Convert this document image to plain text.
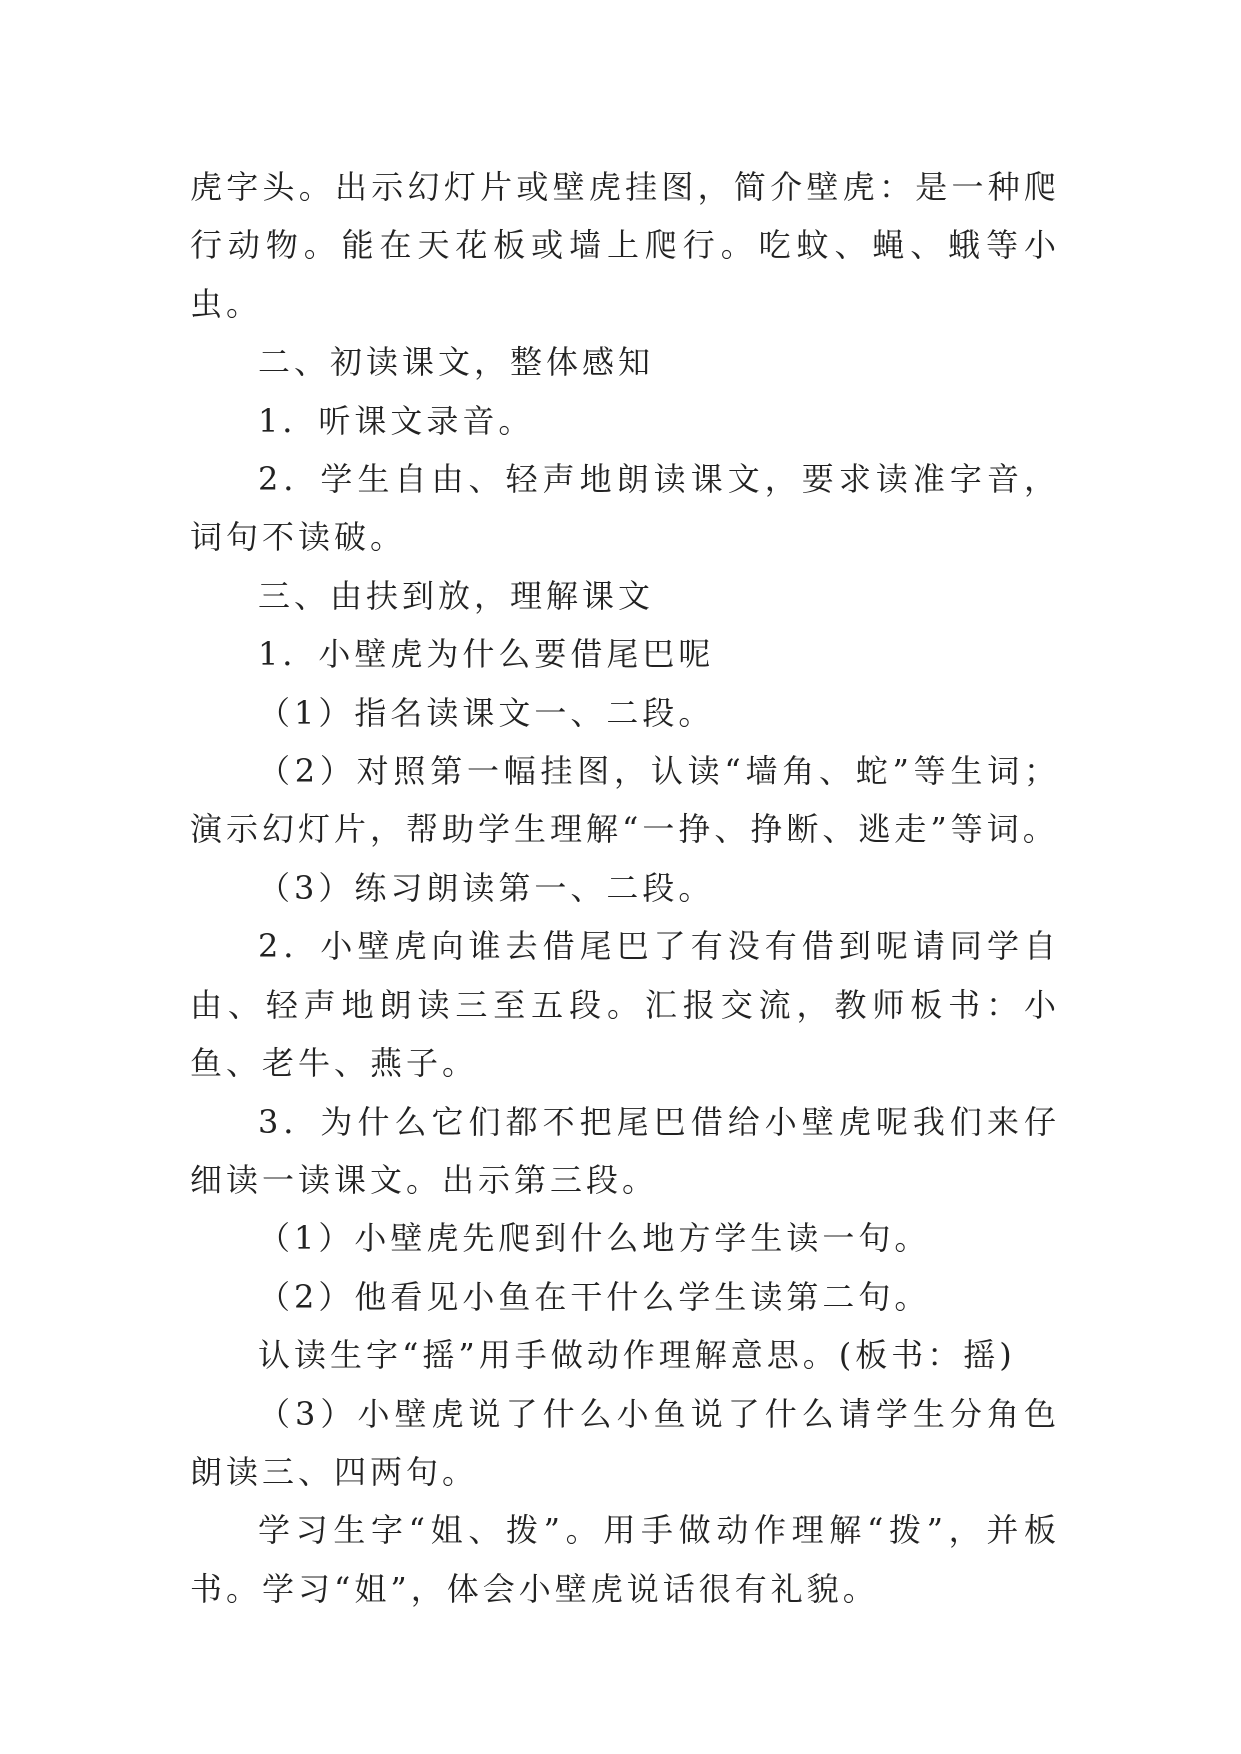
虎字头。出示幻灯片或壁虎挂图，简介壁虎：是一种爬行动物。能在天花板或墙上爬行。吃蚊、蝇、蛾等小虫。

二、初读课文，整体感知

1．听课文录音。

2．学生自由、轻声地朗读课文，要求读准字音，词句不读破。

三、由扶到放，理解课文

1．小壁虎为什么要借尾巴呢

（1）指名读课文一、二段。

（2）对照第一幅挂图，认读“墙角、蛇”等生词；演示幻灯片，帮助学生理解“一挣、挣断、逃走”等词。

（3）练习朗读第一、二段。

2．小壁虎向谁去借尾巴了有没有借到呢请同学自由、轻声地朗读三至五段。汇报交流，教师板书：小鱼、老牛、燕子。

3．为什么它们都不把尾巴借给小壁虎呢我们来仔细读一读课文。出示第三段。

（1）小壁虎先爬到什么地方学生读一句。

（2）他看见小鱼在干什么学生读第二句。

认读生字“摇”用手做动作理解意思。(板书：摇)

（3）小壁虎说了什么小鱼说了什么请学生分角色朗读三、四两句。

学习生字“姐、拨”。用手做动作理解“拨”，并板书。学习“姐”，体会小壁虎说话很有礼貌。
